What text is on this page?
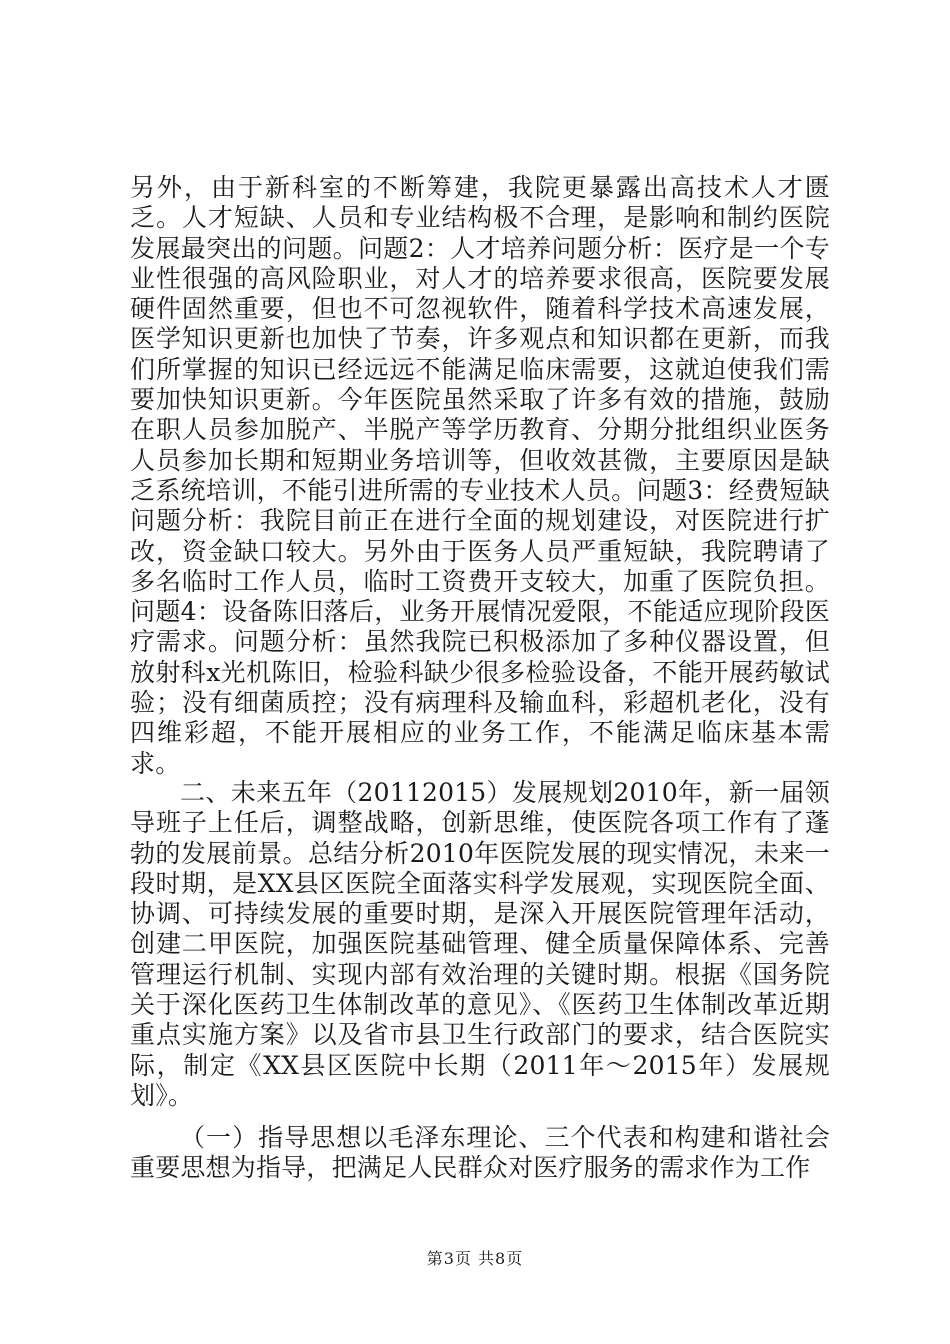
另外，由于新科室的不断筹建，我院更暴露出高技术人才匮乏。人才短缺、人员和专业结构极不合理，是影响和制约医院发展最突出的问题。问题2：人才培养问题分析：医疗是一个专业性很强的高风险职业，对人才的培养要求很高，医院要发展硬件固然重要，但也不可忽视软件，随着科学技术高速发展，医学知识更新也加快了节奏，许多观点和知识都在更新，而我们所掌握的知识已经远远不能满足临床需要，这就迫使我们需要加快知识更新。今年医院虽然采取了许多有效的措施，鼓励在职人员参加脱产、半脱产等学历教育、分期分批组织业医务人员参加长期和短期业务培训等，但收效甚微，主要原因是缺乏系统培训，不能引进所需的专业技术人员。问题3：经费短缺问题分析：我院目前正在进行全面的规划建设，对医院进行扩改，资金缺口较大。另外由于医务人员严重短缺，我院聘请了多名临时工作人员，临时工资费开支较大，加重了医院负担。问题4：设备陈旧落后，业务开展情况爱限，不能适应现阶段医疗需求。问题分析：虽然我院已积极添加了多种仪器设置，但放射科x光机陈旧，检验科缺少很多检验设备，不能开展药敏试验；没有细菌质控；没有病理科及输血科，彩超机老化，没有四维彩超，不能开展相应的业务工作，不能满足临床基本需求。

二、未来五年（20112015）发展规划2010年，新一届领导班子上任后，调整战略，创新思维，使医院各项工作有了蓬勃的发展前景。总结分析2010年医院发展的现实情况，未来一段时期，是XX县区医院全面落实科学发展观，实现医院全面、协调、可持续发展的重要时期，是深入开展医院管理年活动，创建二甲医院，加强医院基础管理、健全质量保障体系、完善管理运行机制、实现内部有效治理的关键时期。根据《国务院关于深化医药卫生体制改革的意见》、《医药卫生体制改革近期重点实施方案》以及省市县卫生行政部门的要求，结合医院实际，制定《XX县区医院中长期（2011年～2015年）发展规划》。

（一）指导思想以毛泽东理论、三个代表和构建和谐社会重要思想为指导，把满足人民群众对医疗服务的需求作为工作

第3页 共8页
